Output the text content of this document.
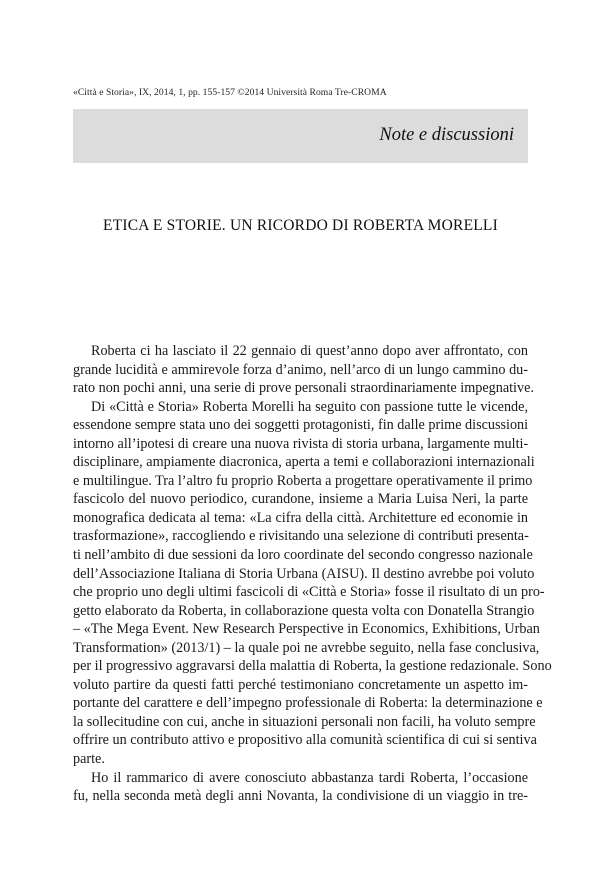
«Città e Storia», IX, 2014, 1, pp. 155-157 ©2014 Università Roma Tre-CROMA
Note e discussioni
ETICA E STORIE. UN RICORDO DI ROBERTA MORELLI
Roberta ci ha lasciato il 22 gennaio di quest’anno dopo aver affrontato, con
grande lucidità e ammirevole forza d’animo, nell’arco di un lungo cammino du-
rato non pochi anni, una serie di prove personali straordinariamente impegnative.
Di «Città e Storia» Roberta Morelli ha seguito con passione tutte le vicende,
essendone sempre stata uno dei soggetti protagonisti, fin dalle prime discussioni
intorno all’ipotesi di creare una nuova rivista di storia urbana, largamente multi-
disciplinare, ampiamente diacronica, aperta a temi e collaborazioni internazionali
e multilingue. Tra l’altro fu proprio Roberta a progettare operativamente il primo
fascicolo del nuovo periodico, curandone, insieme a Maria Luisa Neri, la parte
monografica dedicata al tema: «La cifra della città. Architetture ed economie in
trasformazione», raccogliendo e rivisitando una selezione di contributi presenta-
ti nell’ambito di due sessioni da loro coordinate del secondo congresso nazionale
dell’Associazione Italiana di Storia Urbana (AISU). Il destino avrebbe poi voluto
che proprio uno degli ultimi fascicoli di «Città e Storia» fosse il risultato di un pro-
getto elaborato da Roberta, in collaborazione questa volta con Donatella Strangio
– «The Mega Event. New Research Perspective in Economics, Exhibitions, Urban
Transformation» (2013/1) – la quale poi ne avrebbe seguito, nella fase conclusiva,
per il progressivo aggravarsi della malattia di Roberta, la gestione redazionale. Sono
voluto partire da questi fatti perché testimoniano concretamente un aspetto im-
portante del carattere e dell’impegno professionale di Roberta: la determinazione e
la sollecitudine con cui, anche in situazioni personali non facili, ha voluto sempre
offrire un contributo attivo e propositivo alla comunità scientifica di cui si sentiva
parte.
Ho il rammarico di avere conosciuto abbastanza tardi Roberta, l’occasione
fu, nella seconda metà degli anni Novanta, la condivisione di un viaggio in tre-
